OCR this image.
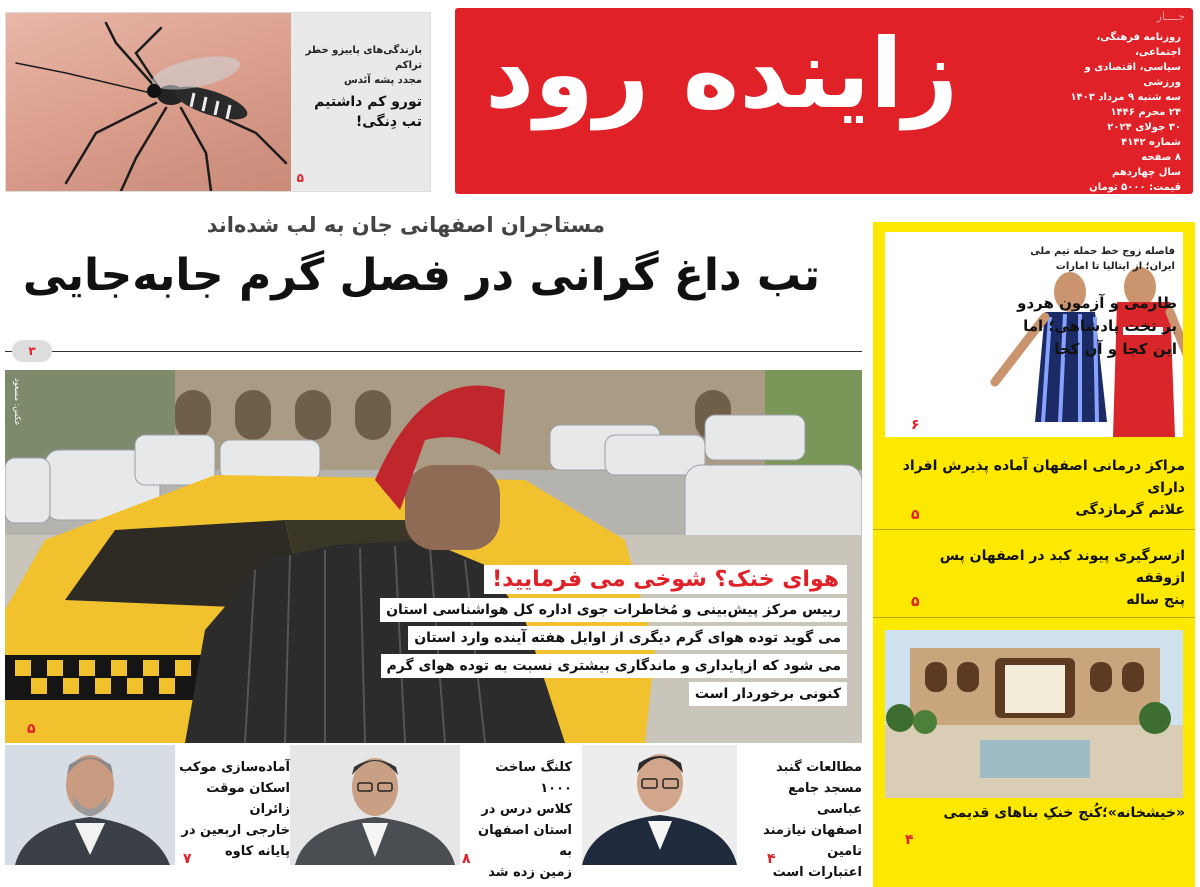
جــــار
زاینده رود	روزنامه فرهنگی، اجتماعی،
سیاسی، اقتصادی و ورزشی
سه شنبه ۹ مرداد ۱۴۰۳
۲۴ محرم ۱۴۴۶
۳۰ جولای ۲۰۲۴
شماره ۴۱۴۲
۸ صفحه
سال چهاردهم
قیمت: ۵۰۰۰ تومان
بارندگی‌های پاییزو خطر تراکم
مجدد پشه آئدس
تورو کم داشتیم
تب دِنگی!
۵
مستاجران اصفهانی جان به لب شده‌اند
تب داغ گرانی در فصل گرم جابه‌جایی
۳
عکس: مسعود
هوای خنک؟ شوخی می فرمایید!
رییس مرکز پیش‌بینی و مُخاطرات جوی اداره کل هواشناسی استان
می گوید توده هوای گرم دیگری از اوایل هفته آینده وارد استان
می شود که ازپایداری و ماندگاری بیشتری نسبت به توده هوای گرم
کنونی برخوردار است
۵
آماده‌سازی موکب
اسکان موقت زائران
خارجی اربعین در
پایانه کاوه
۷
کلنگ ساخت ۱۰۰۰
کلاس درس در
استان اصفهان به
زمین زده شد
۸
مطالعات گنبد
مسجد جامع عباسی
اصفهان نیازمند تامین
اعتبارات است
۴
فاصله زوج خط حمله تیم ملی
ایران؛ از ایتالیا تا امارات
طارمی و آزمون هردو
بر تخت پادشاهی؛ اما
این کجا و آن کجا
۶
مراکز درمانی اصفهان آماده پذیرش افراد دارای
علائم گرمازدگی
۵
ازسرگیری پیوند کبد در اصفهان پس ازوقفه
پنج ساله
۵
«خیشخانه»؛کُنج خنکِ بناهای قدیمی
۴
